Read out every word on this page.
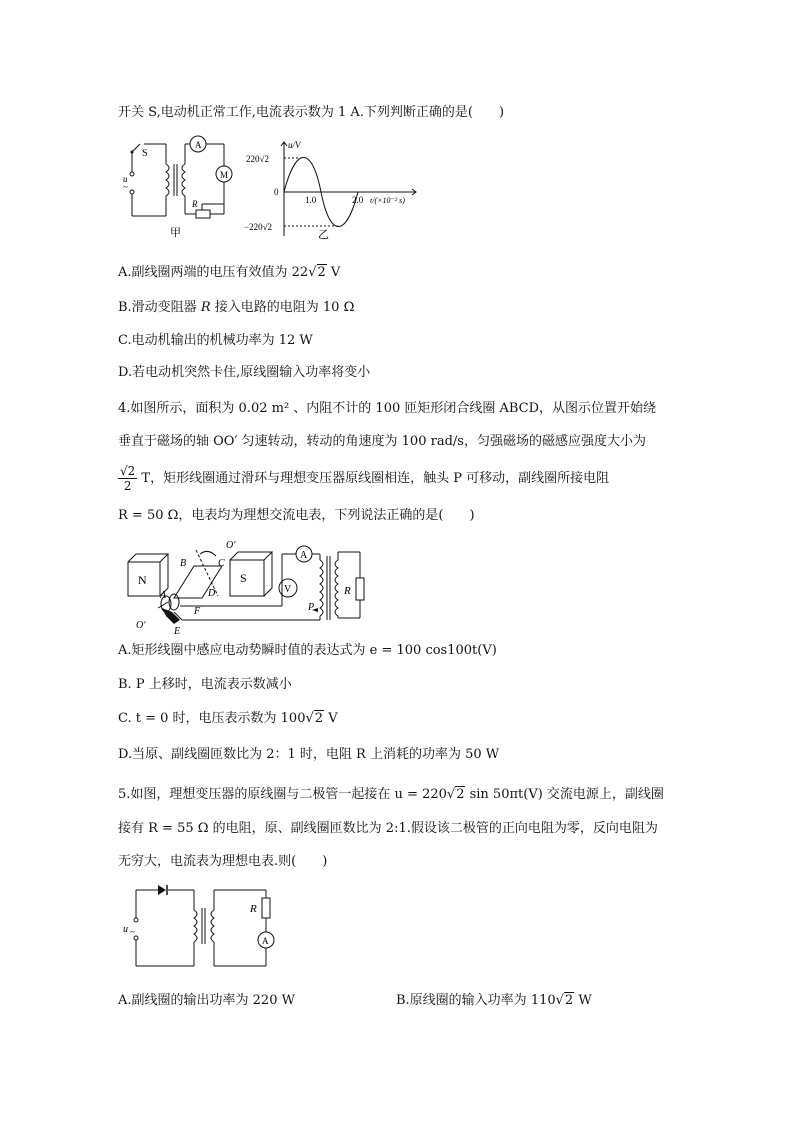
开关 S,电动机正常工作,电流表示数为 1 A.下列判断正确的是(　　)
S
u
~
A
M
R
甲
u/V
220√2
0
−220√2
1.0	2.0 t/(×10⁻² s)
乙
A.副线圈两端的电压有效值为 22√2 V
B.滑动变阻器 R 接入电路的电阻为 10 Ω
C.电动机输出的机械功率为 12 W
D.若电动机突然卡住,原线圈输入功率将变小
4.如图所示，面积为 0.02 m² 、内阻不计的 100 匝矩形闭合线圈 ABCD，从图示位置开始绕
垂直于磁场的轴 OO′ 匀速转动，转动的角速度为 100 rad/s，匀强磁场的磁感应强度大小为
$\frac{√2}{2}$ T，矩形线圈通过滑环与理想变压器原线圈相连，触头 P 可移动，副线圈所接电阻
R = 50 Ω，电表均为理想交流电表，下列说法正确的是(　　)
N	S
O′
O′
B	C
D
A
F
E
A
V
P
R
A.矩形线圈中感应电动势瞬时值的表达式为 e = 100 cos100t(V)
B. P 上移时，电流表示数减小
C. t = 0 时，电压表示数为 100√2 V
D.当原、副线圈匝数比为 2：1 时，电阻 R 上消耗的功率为 50 W
5.如图，理想变压器的原线圈与二极管一起接在 u = 220√2 sin 50πt(V) 交流电源上，副线圈
接有 R = 55 Ω 的电阻，原、副线圈匝数比为 2:1.假设该二极管的正向电阻为零，反向电阻为
无穷大，电流表为理想电表.则(　　)
u ~
R
A
A.副线圈的输出功率为 220 W	B.原线圈的输入功率为 110√2 W
